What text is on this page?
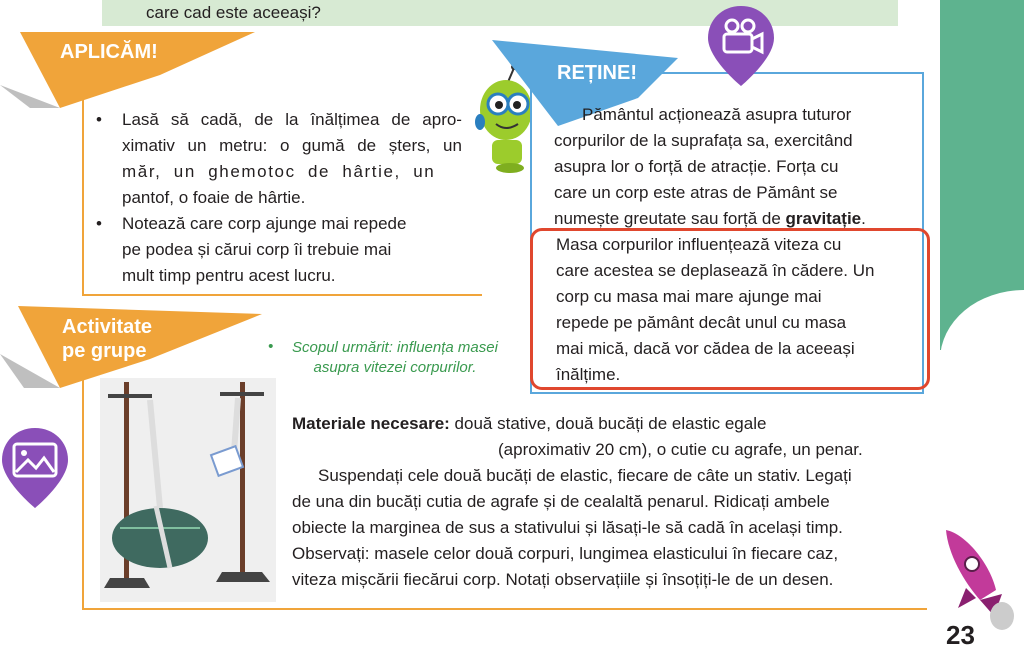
care cad este aceeași?
APLICĂM!
• Lasă să cadă, de la înălțimea de apro-
ximativ un metru: o gumă de șters, un
măr, un ghemotoc de hârtie, un
pantof, o foaie de hârtie.
• Notează care corp ajunge mai repede
pe podea și cărui corp îi trebuie mai
mult timp pentru acest lucru.
REȚINE!
Pământul acționează asupra tuturor
corpurilor de la suprafața sa, exercitând
asupra lor o forță de atracție. Forța cu
care un corp este atras de Pământ se
numește greutate sau forță de gravitație.
Masa corpurilor influențează viteza cu
care acestea se deplasează în cădere. Un
corp cu masa mai mare ajunge mai
repede pe pământ decât unul cu masa
mai mică, dacă vor cădea de la aceeași
înălțime.
Activitate
pe grupe	• Scopul urmărit: influența masei
asupra vitezei corpurilor.
Materiale necesare: două stative, două bucăți de elastic egale
(aproximativ 20 cm), o cutie cu agrafe, un penar.
Suspendați cele două bucăți de elastic, fiecare de câte un stativ. Legați
de una din bucăți cutia de agrafe și de cealaltă penarul. Ridicați ambele
obiecte la marginea de sus a stativului și lăsați-le să cadă în același timp.
Observați: masele celor două corpuri, lungimea elasticului în fiecare caz,
viteza mișcării fiecărui corp. Notați observațiile și însoțiți-le de un desen.
23
